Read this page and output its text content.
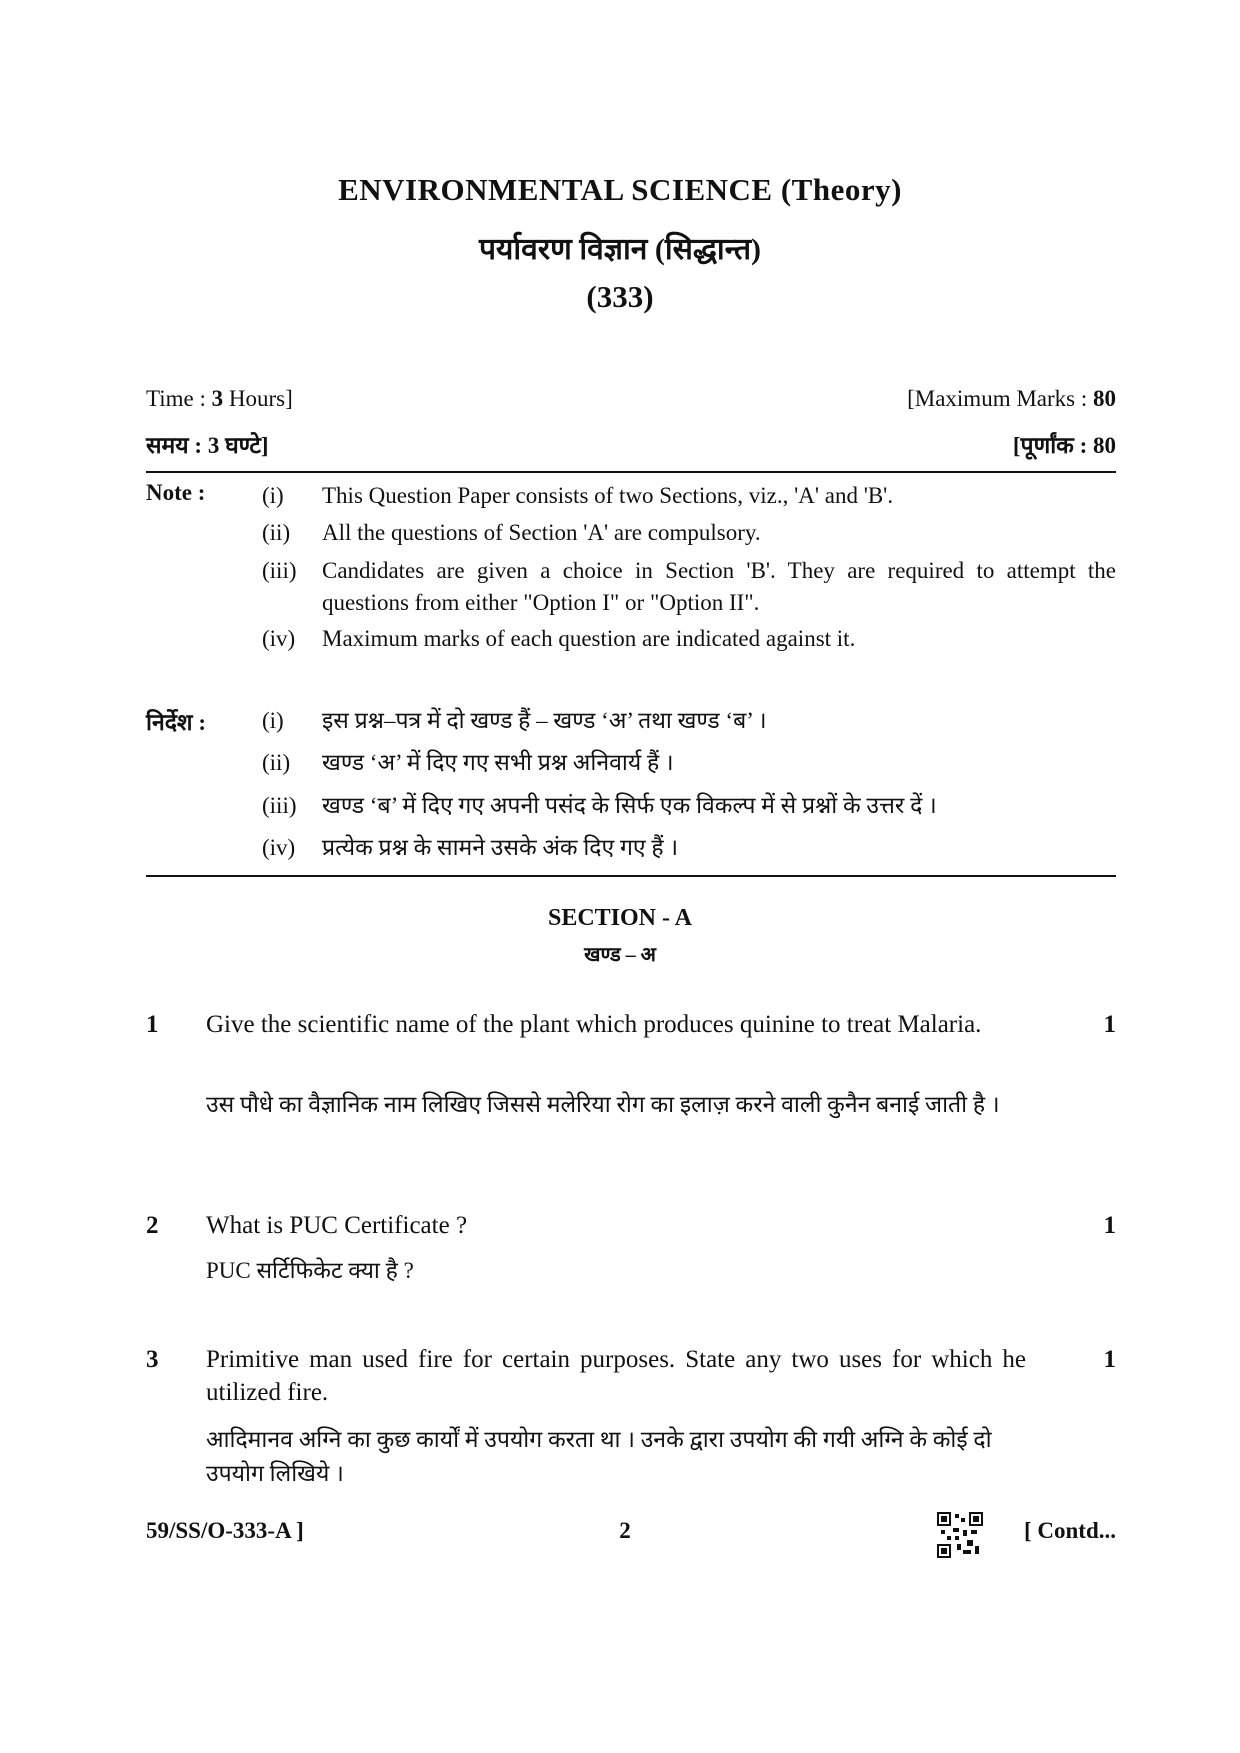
ENVIRONMENTAL SCIENCE (Theory)
पर्यावरण विज्ञान (सिद्धान्त)
(333)
Time : 3 Hours]	[Maximum Marks : 80
समय : 3 घण्टे]	[पूर्णांक : 80
Note : (i) This Question Paper consists of two Sections, viz., 'A' and 'B'.
(ii) All the questions of Section 'A' are compulsory.
(iii) Candidates are given a choice in Section 'B'. They are required to attempt the questions from either "Option I" or "Option II".
(iv) Maximum marks of each question are indicated against it.
निर्देश : (i) इस प्रश्न–पत्र में दो खण्ड हैं – खण्ड ‘अ’ तथा खण्ड ‘ब’ ।
(ii) खण्ड ‘अ’ में दिए गए सभी प्रश्न अनिवार्य हैं ।
(iii) खण्ड ‘ब’ में दिए गए अपनी पसंद के सिर्फ एक विकल्प में से प्रश्नों के उत्तर दें ।
(iv) प्रत्येक प्रश्न के सामने उसके अंक दिए गए हैं ।
SECTION - A
खण्ड – अ
1 Give the scientific name of the plant which produces quinine to treat Malaria.	1
उस पौधे का वैज्ञानिक नाम लिखिए जिससे मलेरिया रोग का इलाज़ करने वाली कुनैन बनाई जाती है ।
2 What is PUC Certificate ?	1
PUC सर्टिफिकेट क्या है ?
3 Primitive man used fire for certain purposes. State any two uses for which he utilized fire.
1
आदिमानव अग्नि का कुछ कार्यों में उपयोग करता था । उनके द्वारा उपयोग की गयी अग्नि के कोई दो उपयोग लिखिये ।
59/SS/O-333-A ]	2	[ Contd...
